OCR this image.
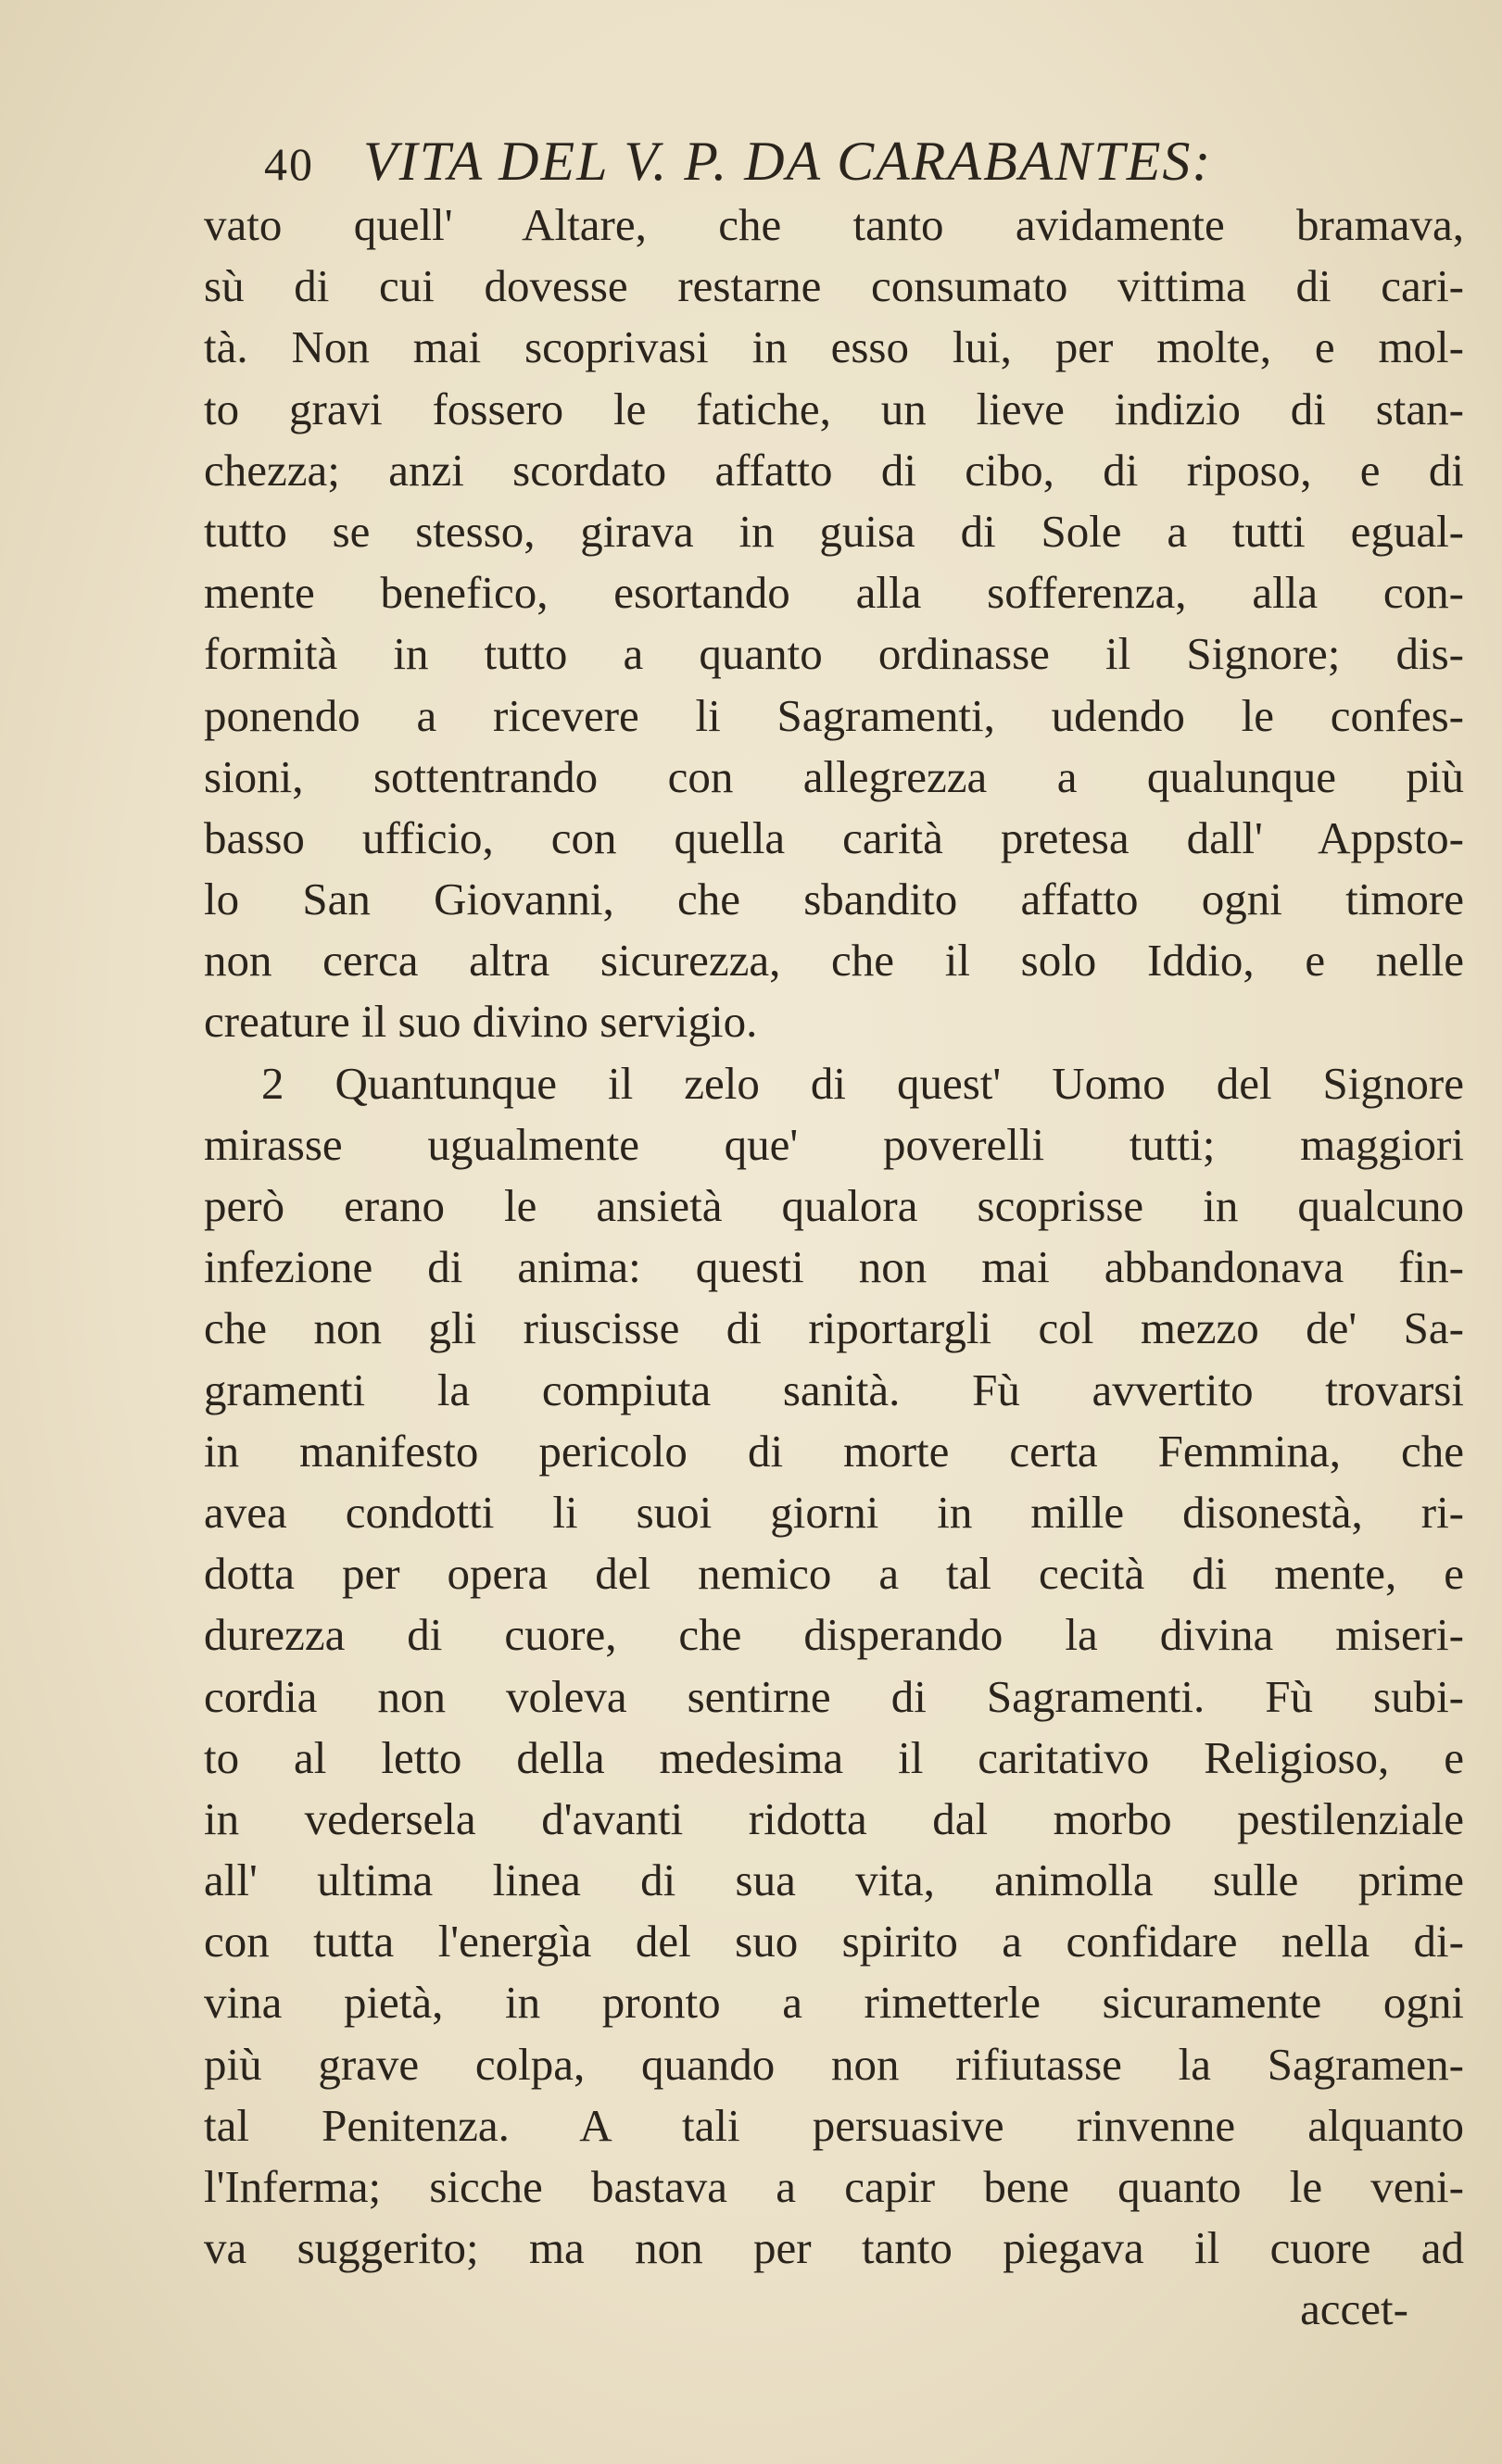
40 VITA DEL V. P. DA CARABANTES:
vato quell' Altare, che tanto avidamente bramava,
sù di cui dovesse restarne consumato vittima di cari-
tà. Non mai scoprivasi in esso lui, per molte, e mol-
to gravi fossero le fatiche, un lieve indizio di stan-
chezza; anzi scordato affatto di cibo, di riposo, e di
tutto se stesso, girava in guisa di Sole a tutti egual-
mente benefico, esortando alla sofferenza, alla con-
formità in tutto a quanto ordinasse il Signore; dis-
ponendo a ricevere li Sagramenti, udendo le confes-
sioni, sottentrando con allegrezza a qualunque più
basso ufficio, con quella carità pretesa dall' Appsto-
lo San Giovanni, che sbandito affatto ogni timore
non cerca altra sicurezza, che il solo Iddio, e nelle
creature il suo divino servigio.
2 Quantunque il zelo di quest' Uomo del Signore
mirasse ugualmente que' poverelli tutti; maggiori
però erano le ansietà qualora scoprisse in qualcuno
infezione di anima: questi non mai abbandonava fin-
che non gli riuscisse di riportargli col mezzo de' Sa-
gramenti la compiuta sanità. Fù avvertito trovarsi
in manifesto pericolo di morte certa Femmina, che
avea condotti li suoi giorni in mille disonestà, ri-
dotta per opera del nemico a tal cecità di mente, e
durezza di cuore, che disperando la divina miseri-
cordia non voleva sentirne di Sagramenti. Fù subi-
to al letto della medesima il caritativo Religioso, e
in vedersela d'avanti ridotta dal morbo pestilenziale
all' ultima linea di sua vita, animolla sulle prime
con tutta l'energìa del suo spirito a confidare nella di-
vina pietà, in pronto a rimetterle sicuramente ogni
più grave colpa, quando non rifiutasse la Sagramen-
tal Penitenza. A tali persuasive rinvenne alquanto
l'Inferma; sicche bastava a capir bene quanto le veni-
va suggerito; ma non per tanto piegava il cuore ad
accet-
